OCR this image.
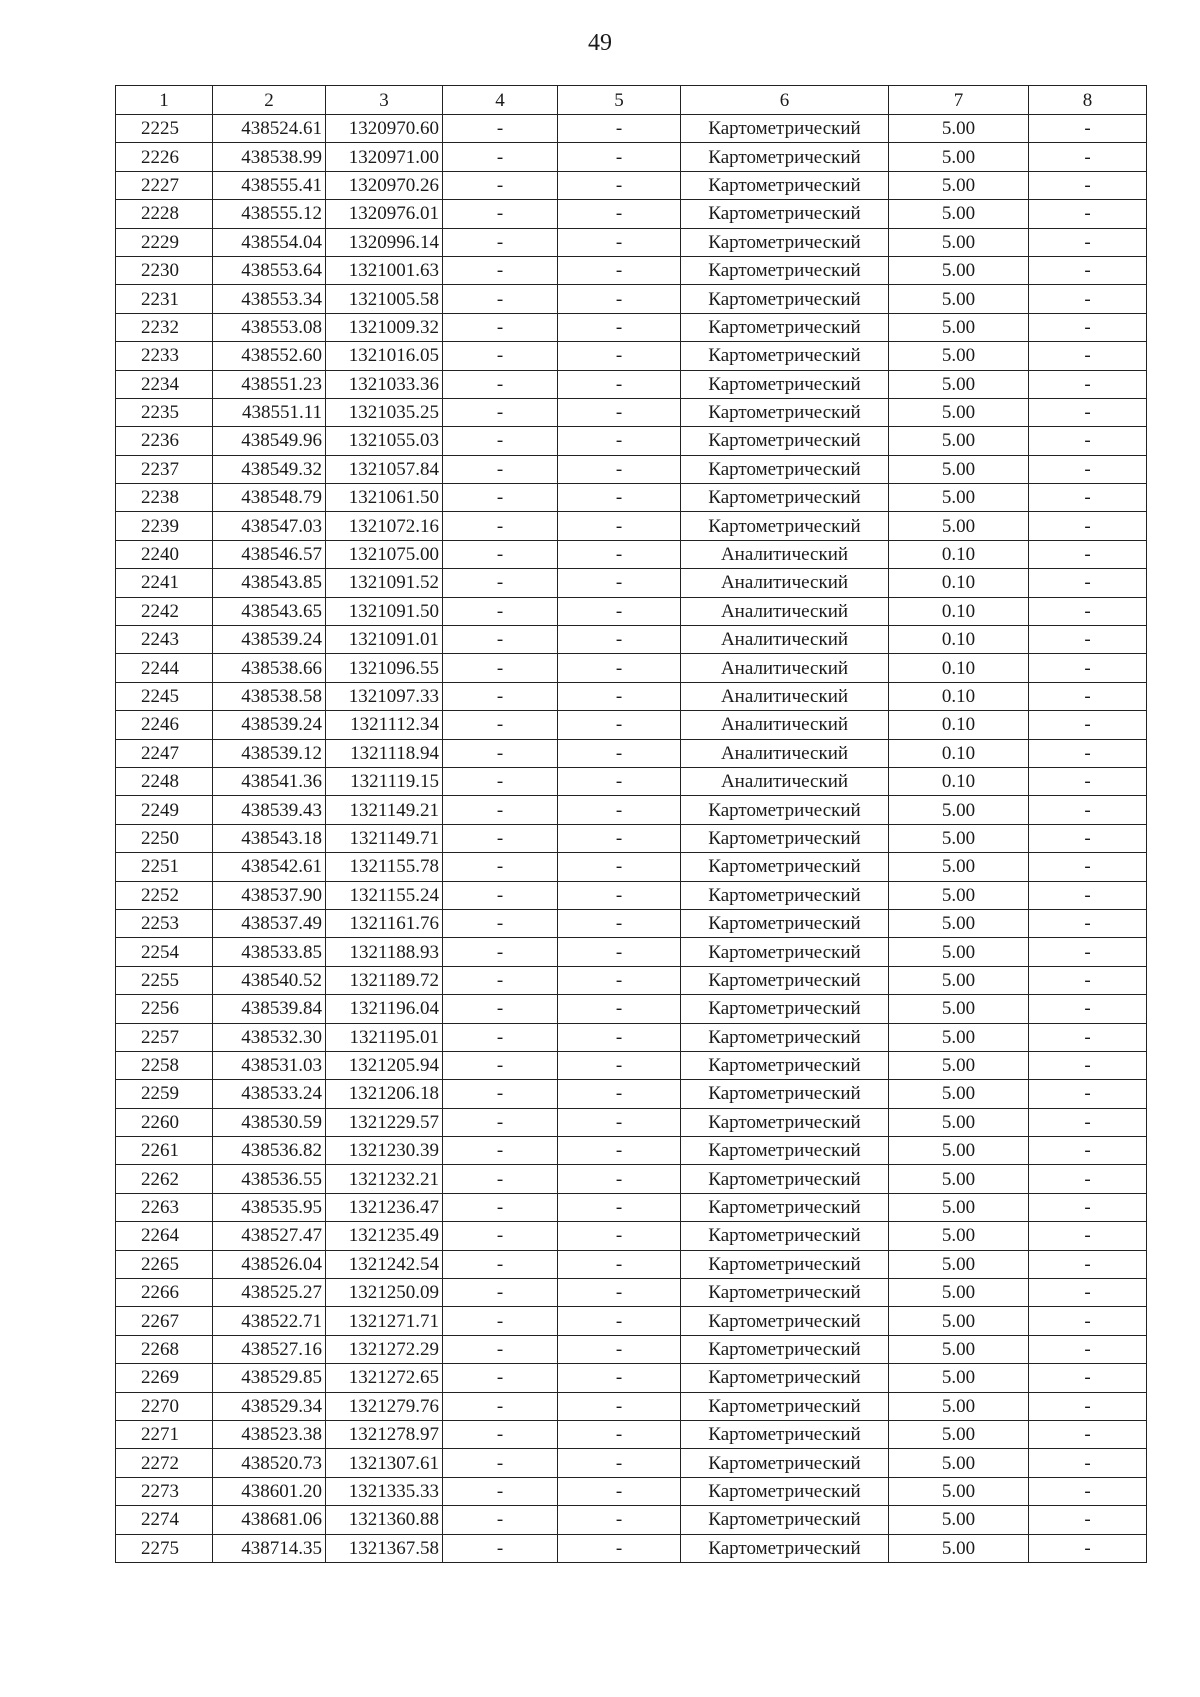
49
1	2	3	4	5	6	7	8
2225	438524.61	1320970.60	-	-	Картометрический	5.00	-
2226	438538.99	1320971.00	-	-	Картометрический	5.00	-
2227	438555.41	1320970.26	-	-	Картометрический	5.00	-
2228	438555.12	1320976.01	-	-	Картометрический	5.00	-
2229	438554.04	1320996.14	-	-	Картометрический	5.00	-
2230	438553.64	1321001.63	-	-	Картометрический	5.00	-
2231	438553.34	1321005.58	-	-	Картометрический	5.00	-
2232	438553.08	1321009.32	-	-	Картометрический	5.00	-
2233	438552.60	1321016.05	-	-	Картометрический	5.00	-
2234	438551.23	1321033.36	-	-	Картометрический	5.00	-
2235	438551.11	1321035.25	-	-	Картометрический	5.00	-
2236	438549.96	1321055.03	-	-	Картометрический	5.00	-
2237	438549.32	1321057.84	-	-	Картометрический	5.00	-
2238	438548.79	1321061.50	-	-	Картометрический	5.00	-
2239	438547.03	1321072.16	-	-	Картометрический	5.00	-
2240	438546.57	1321075.00	-	-	Аналитический	0.10	-
2241	438543.85	1321091.52	-	-	Аналитический	0.10	-
2242	438543.65	1321091.50	-	-	Аналитический	0.10	-
2243	438539.24	1321091.01	-	-	Аналитический	0.10	-
2244	438538.66	1321096.55	-	-	Аналитический	0.10	-
2245	438538.58	1321097.33	-	-	Аналитический	0.10	-
2246	438539.24	1321112.34	-	-	Аналитический	0.10	-
2247	438539.12	1321118.94	-	-	Аналитический	0.10	-
2248	438541.36	1321119.15	-	-	Аналитический	0.10	-
2249	438539.43	1321149.21	-	-	Картометрический	5.00	-
2250	438543.18	1321149.71	-	-	Картометрический	5.00	-
2251	438542.61	1321155.78	-	-	Картометрический	5.00	-
2252	438537.90	1321155.24	-	-	Картометрический	5.00	-
2253	438537.49	1321161.76	-	-	Картометрический	5.00	-
2254	438533.85	1321188.93	-	-	Картометрический	5.00	-
2255	438540.52	1321189.72	-	-	Картометрический	5.00	-
2256	438539.84	1321196.04	-	-	Картометрический	5.00	-
2257	438532.30	1321195.01	-	-	Картометрический	5.00	-
2258	438531.03	1321205.94	-	-	Картометрический	5.00	-
2259	438533.24	1321206.18	-	-	Картометрический	5.00	-
2260	438530.59	1321229.57	-	-	Картометрический	5.00	-
2261	438536.82	1321230.39	-	-	Картометрический	5.00	-
2262	438536.55	1321232.21	-	-	Картометрический	5.00	-
2263	438535.95	1321236.47	-	-	Картометрический	5.00	-
2264	438527.47	1321235.49	-	-	Картометрический	5.00	-
2265	438526.04	1321242.54	-	-	Картометрический	5.00	-
2266	438525.27	1321250.09	-	-	Картометрический	5.00	-
2267	438522.71	1321271.71	-	-	Картометрический	5.00	-
2268	438527.16	1321272.29	-	-	Картометрический	5.00	-
2269	438529.85	1321272.65	-	-	Картометрический	5.00	-
2270	438529.34	1321279.76	-	-	Картометрический	5.00	-
2271	438523.38	1321278.97	-	-	Картометрический	5.00	-
2272	438520.73	1321307.61	-	-	Картометрический	5.00	-
2273	438601.20	1321335.33	-	-	Картометрический	5.00	-
2274	438681.06	1321360.88	-	-	Картометрический	5.00	-
2275	438714.35	1321367.58	-	-	Картометрический	5.00	-
